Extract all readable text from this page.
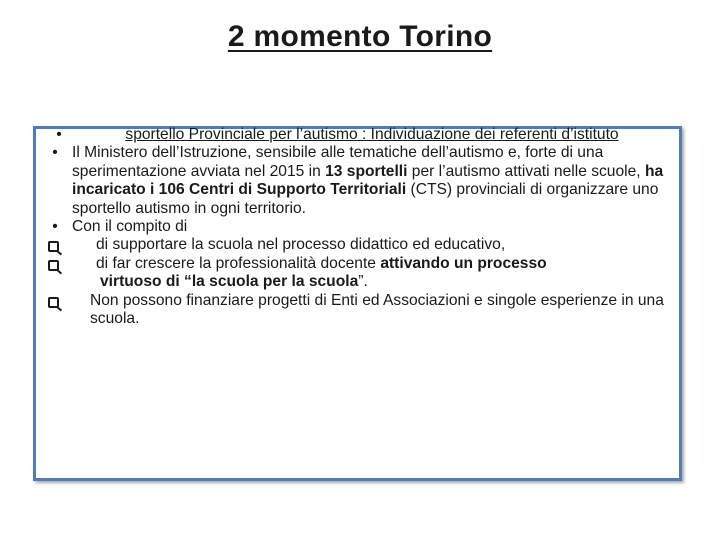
2 momento Torino
•	sportello Provinciale per l’autismo : Individuazione dei referenti d’istituto
• Il Ministero dell’Istruzione, sensibile alle tematiche dell’autismo e, forte di una sperimentazione avviata nel 2015 in 13 sportelli per l’autismo attivati nelle scuole, ha incaricato i 106 Centri di Supporto Territoriali (CTS) provinciali di organizzare uno sportello autismo in ogni territorio.
• Con il compito di
di supportare la scuola nel processo didattico ed educativo,
di far crescere la professionalità docente attivando un processo
virtuoso di “la scuola per la scuola”.
Non possono finanziare progetti di Enti ed Associazioni e singole esperienze in una scuola.
